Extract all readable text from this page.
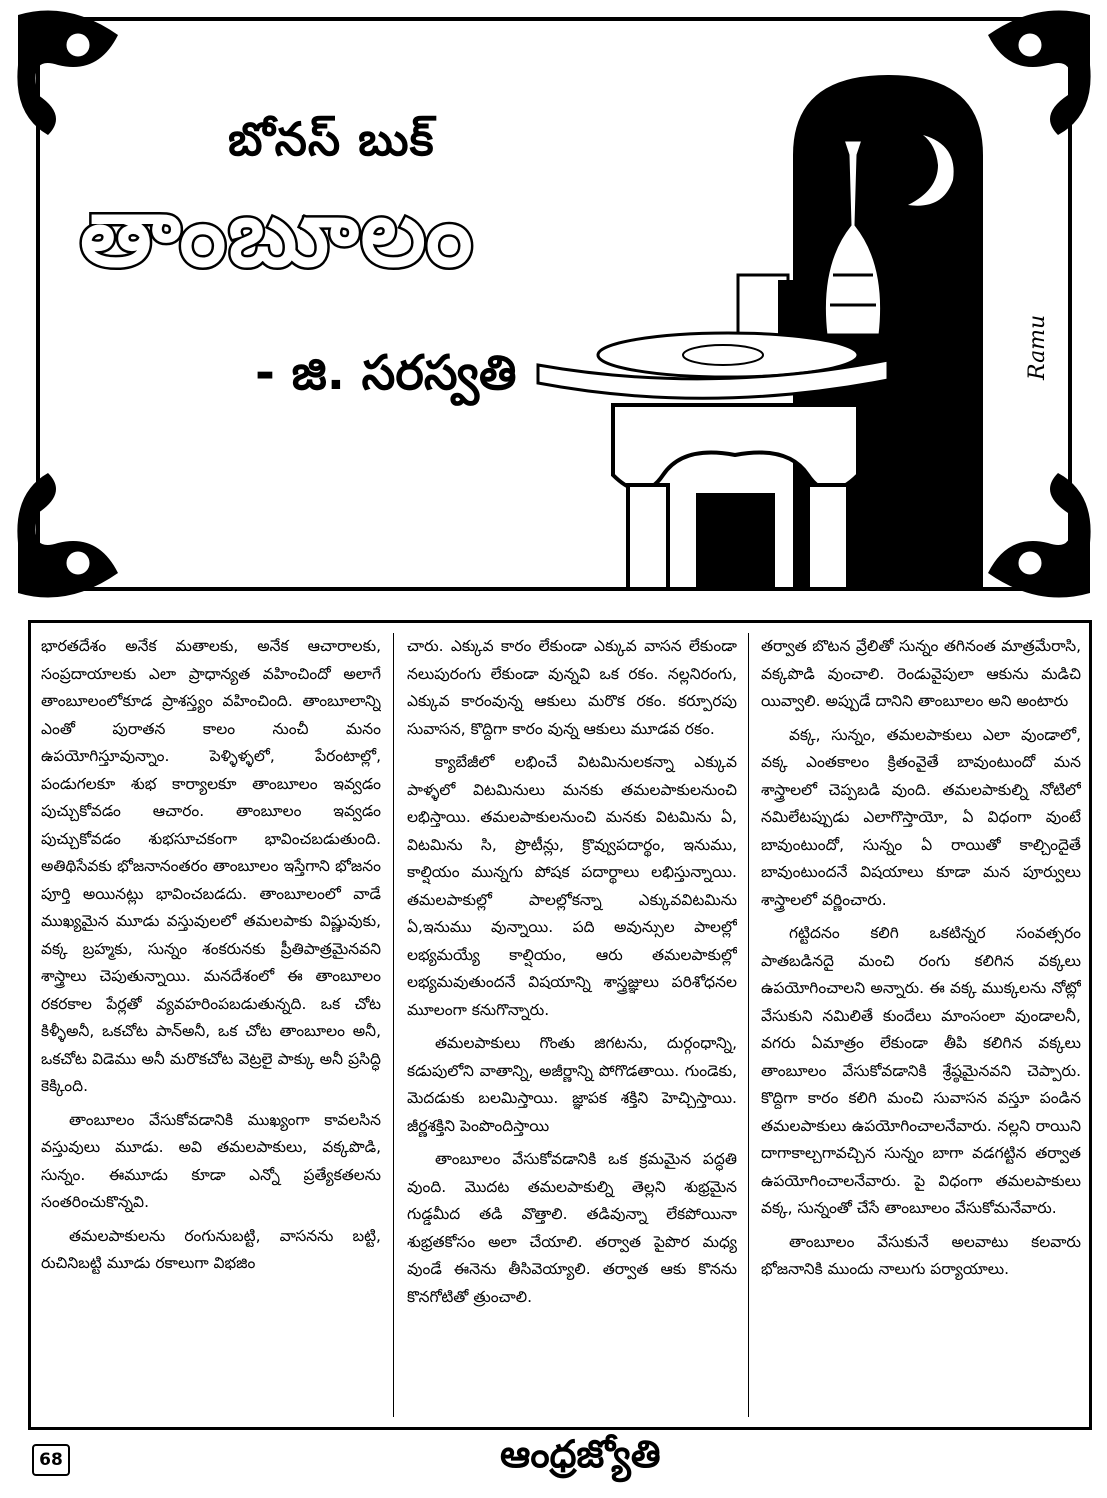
బోనస్ బుక్
తాంబూలం
- జి. సరస్వతి	Ramu

భారతదేశం అనేక మతాలకు, అనేక ఆచారాలకు, సంప్రదాయాలకు ఎలా ప్రాధాన్యత వహించిందో అలాగే తాంబూలంలోకూడ ప్రాశస్త్యం వహించింది. తాంబూలాన్ని ఎంతో పురాతన కాలం నుంచీ మనం ఉపయోగిస్తూవున్నాం. పెళ్ళిళ్ళలో, పేరంటాల్లో, పండుగలకూ శుభ కార్యాలకూ తాంబూలం ఇవ్వడం పుచ్చుకోవడం ఆచారం. తాంబూలం ఇవ్వడం పుచ్చుకోవడం శుభసూచకంగా భావించబడుతుంది. అతిథిసేవకు భోజనానంతరం తాంబూలం ఇస్తేగాని భోజనం పూర్తి అయినట్లు భావించబడదు. తాంబూలంలో వాడే ముఖ్యమైన మూడు వస్తువులలో తమలపాకు విష్ణువుకు, వక్క బ్రహ్మకు, సున్నం శంకరునకు ప్రీతిపాత్రమైనవని శాస్త్రాలు చెపుతున్నాయి. మనదేశంలో ఈ తాంబూలం రకరకాల పేర్లతో వ్యవహరింపబడుతున్నది. ఒక చోట కిళ్ళీఅనీ, ఒకచోట పాన్అనీ, ఒక చోట తాంబూలం అనీ, ఒకచోట విడెము అనీ మరొకచోట వెట్రలై పాక్కు అనీ ప్రసిద్ధి కెక్కింది.

తాంబూలం వేసుకోవడానికి ముఖ్యంగా కావలసిన వస్తువులు మూడు. అవి తమలపాకులు, వక్కపొడి, సున్నం. ఈమూడు కూడా ఎన్నో ప్రత్యేకతలను సంతరించుకొన్నవి.

తమలపాకులను రంగునుబట్టి, వాసనను బట్టి, రుచినిబట్టి మూడు రకాలుగా విభజిం

చారు. ఎక్కువ కారం లేకుండా ఎక్కువ వాసన లేకుండా నలుపురంగు లేకుండా వున్నవి ఒక రకం. నల్లనిరంగు, ఎక్కువ కారంవున్న ఆకులు మరొక రకం. కర్పూరపు సువాసన, కొద్దిగా కారం వున్న ఆకులు మూడవ రకం.

క్యాబేజీలో లభించే విటమినులకన్నా ఎక్కువ పాళ్ళలో విటమినులు మనకు తమలపాకులనుంచి లభిస్తాయి. తమలపాకులనుంచి మనకు విటమిను ఏ, విటమిను సి, ప్రొటీన్లు, క్రొవ్వుపదార్థం, ఇనుము, కాల్షియం మున్నగు పోషక పదార్థాలు లభిస్తున్నాయి. తమలపాకుల్లో పాలల్లోకన్నా ఎక్కువవిటమిను ఏ,ఇనుము వున్నాయి. పది అవున్సుల పాలల్లో లభ్యమయ్యే కాల్షియం, ఆరు తమలపాకుల్లో లభ్యమవుతుందనే విషయాన్ని శాస్త్రజ్ఞులు పరిశోధనల మూలంగా కనుగొన్నారు.

తమలపాకులు గొంతు జిగటను, దుర్గంధాన్ని, కడుపులోని వాతాన్ని, అజీర్ణాన్ని పోగొడతాయి. గుండెకు, మెదడుకు బలమిస్తాయి. జ్ఞాపక శక్తిని హెచ్చిస్తాయి. జీర్ణశక్తిని పెంపొందిస్తాయి

తాంబూలం వేసుకోవడానికి ఒక క్రమమైన పద్ధతి వుంది. మొదట తమలపాకుల్ని తెల్లని శుభ్రమైన గుడ్డమీద తడి వొత్తాలి. తడివున్నా లేకపోయినా శుభ్రతకోసం అలా చేయాలి. తర్వాత పైపొర మధ్య వుండే ఈనెను తీసివెయ్యాలి. తర్వాత ఆకు కొనను కొనగోటితో త్రుంచాలి.

తర్వాత బొటన వ్రేలితో సున్నం తగినంత మాత్రమేరాసి, వక్కపొడి వుంచాలి. రెండువైపులా ఆకును మడిచి యివ్వాలి. అప్పుడే దానిని తాంబూలం అని అంటారు

వక్క, సున్నం, తమలపాకులు ఎలా వుండాలో, వక్క ఎంతకాలం క్రితంవైతే బావుంటుందో మన శాస్త్రాలలో చెప్పబడి వుంది. తమలపాకుల్ని నోటిలో నమిలేటప్పుడు ఎలాగొస్తాయో, ఏ విధంగా వుంటే బావుంటుందో, సున్నం ఏ రాయితో కాల్చిందైతే బావుంటుందనే విషయాలు కూడా మన పూర్వులు శాస్త్రాలలో వర్ణించారు.

గట్టిదనం కలిగి ఒకటిన్నర సంవత్సరం పాతబడినదై మంచి రంగు కలిగిన వక్కలు ఉపయోగించాలని అన్నారు. ఈ వక్క ముక్కలను నోట్లో వేసుకుని నమిలితే కుందేలు మాంసంలా వుండాలనీ, వగరు ఏమాత్రం లేకుండా తీపి కలిగిన వక్కలు తాంబూలం వేసుకోవడానికి శ్రేష్ఠమైనవని చెప్పారు. కొద్దిగా కారం కలిగి మంచి సువాసన వస్తూ పండిన తమలపాకులు ఉపయోగించాలనేవారు. నల్లని రాయిని దాగాకాల్చగావచ్చిన సున్నం బాగా వడగట్టిన తర్వాత ఉపయోగించాలనేవారు. పై విధంగా తమలపాకులు వక్క, సున్నంతో చేసే తాంబూలం వేసుకోమనేవారు.

తాంబూలం వేసుకునే అలవాటు కలవారు భోజనానికి ముందు నాలుగు పర్యాయాలు.

68	ఆంధ్రజ్యోతి
